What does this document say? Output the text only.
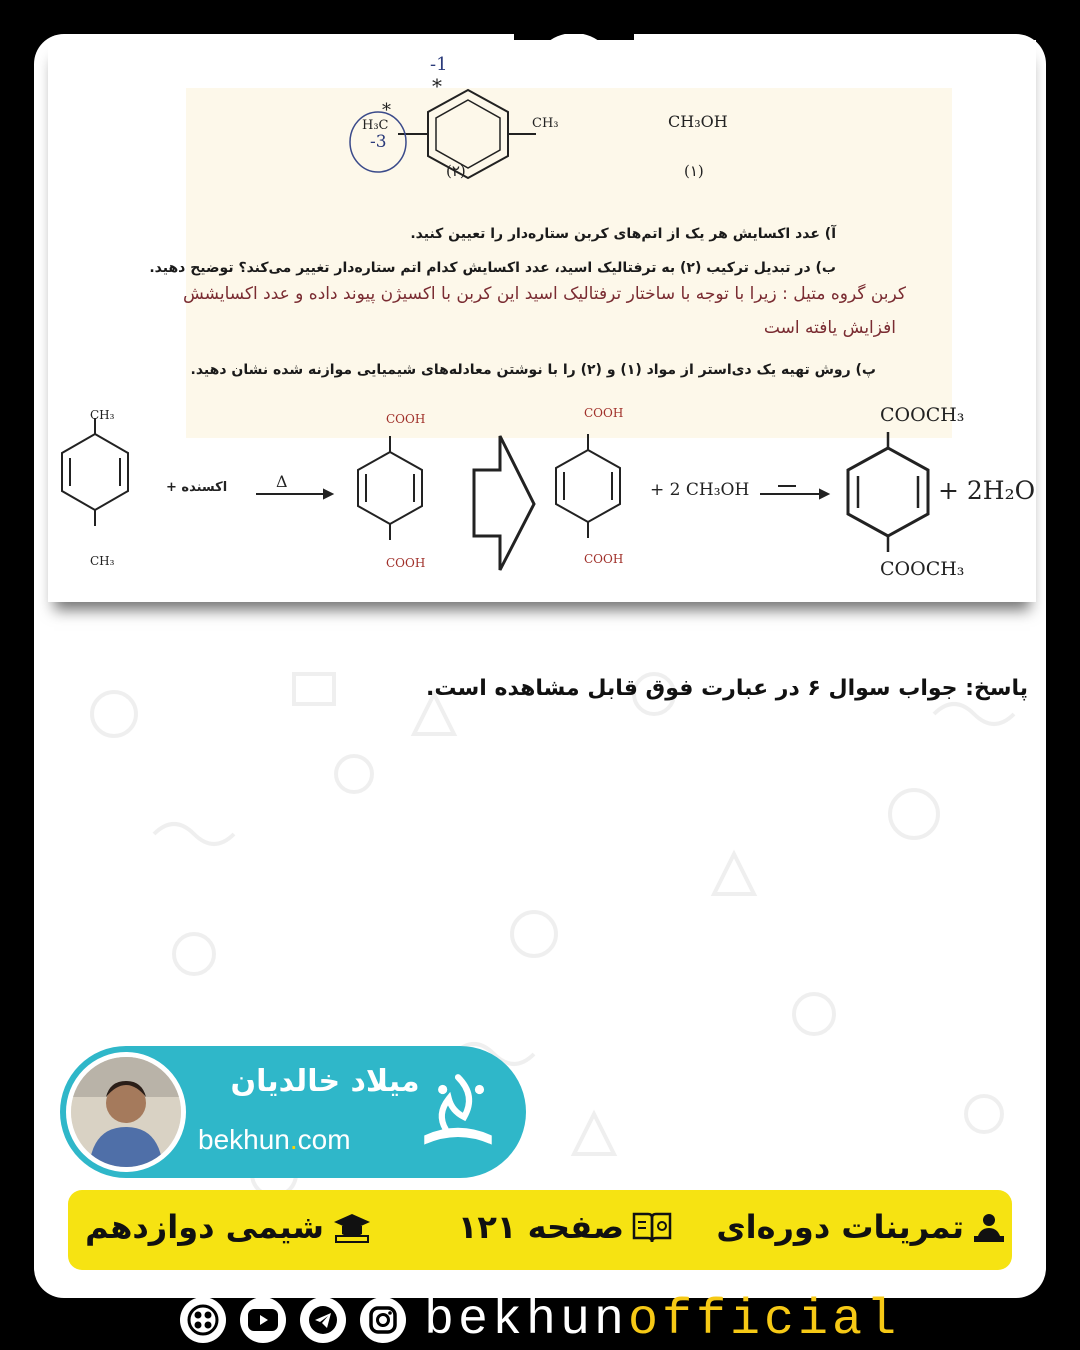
-1
*
H₃C
*
-3
CH₃
(۲)
CH₃OH
(۱)
آ) عدد اکسایش هر یک از اتم‌های کربن ستاره‌دار را تعیین کنید.
ب) در تبدیل ترکیب (۲) به ترفتالیک اسید، عدد اکسایش کدام اتم ستاره‌دار تغییر می‌کند؟ توضیح دهید.
کربن گروه متیل : زیرا با توجه با ساختار ترفتالیک اسید این کربن با اکسیژن پیوند داده و عدد اکسایشش
افزایش یافته است
پ) روش تهیه یک دی‌استر از مواد (۱) و (۲) را با نوشتن معادله‌های شیمیایی موازنه شده نشان دهید.
CH₃
CH₃
اکسنده +	Δ
COOH
COOH
COOH
COOH
+ 2 CH₃OH
COOCH₃
COOCH₃
+ 2H₂O
پاسخ: جواب سوال ۶ در عبارت فوق قابل مشاهده است.
میلاد خالدیان
bekhun.com
تمرینات دوره‌ای
صفحه ۱۲۱
شیمی دوازدهم
bekhunofficial
